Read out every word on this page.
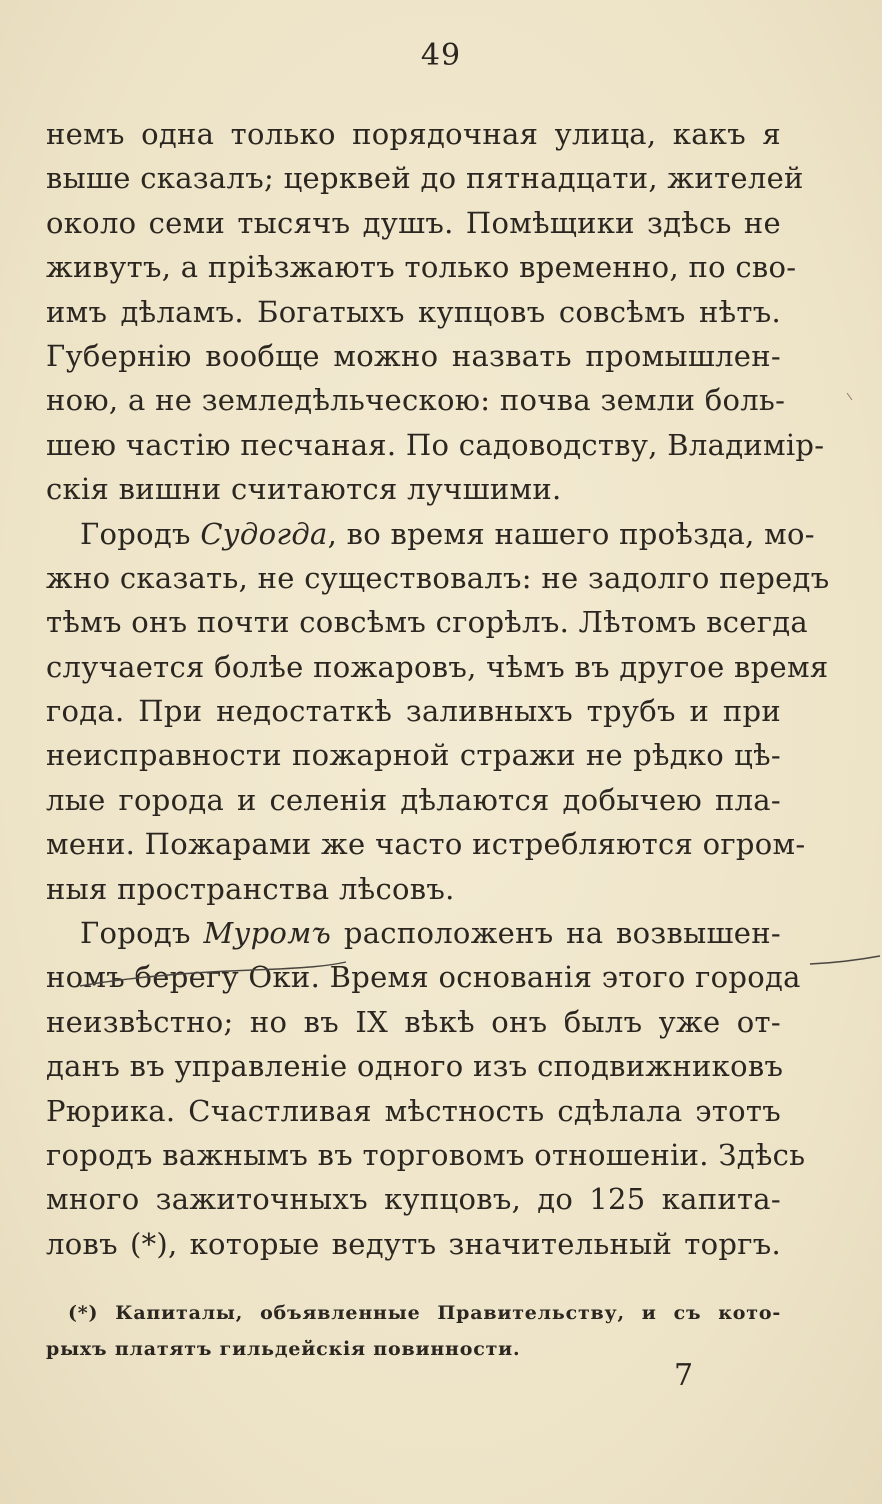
49
немъ одна только порядочная улица, какъ я
выше сказалъ; церквей до пятнадцати, жителей
около семи тысячъ душъ. Помѣщики здѣсь не
живутъ, а пріѣзжаютъ только временно, по сво-
имъ дѣламъ. Богатыхъ купцовъ совсѣмъ нѣтъ.
Губернію вообще можно назвать промышлен-
ною, а не земледѣльческою: почва земли боль-
шею частію песчаная. По садоводству, Владимір-
скія вишни считаются лучшими.
Городъ Судогда, во время нашего проѣзда, мо-
жно сказать, не существовалъ: не задолго передъ
тѣмъ онъ почти совсѣмъ сгорѣлъ. Лѣтомъ всегда
случается болѣе пожаровъ, чѣмъ въ другое время
года. При недостаткѣ заливныхъ трубъ и при
неисправности пожарной стражи не рѣдко цѣ-
лые города и селенія дѣлаются добычею пла-
мени. Пожарами же часто истребляются огром-
ныя пространства лѣсовъ.
Городъ Муромъ расположенъ на возвышен-
номъ берегу Оки. Время основанія этого города
неизвѣстно; но въ IX вѣкѣ онъ былъ уже от-
данъ въ управленіе одного изъ сподвижниковъ
Рюрика. Счастливая мѣстность сдѣлала этотъ
городъ важнымъ въ торговомъ отношеніи. Здѣсь
много зажиточныхъ купцовъ, до 125 капита-
ловъ (*), которые ведутъ значительный торгъ.
(*) Капиталы, объявленные Правительству, и съ кото-
рыхъ платятъ гильдейскія повинности.
7
